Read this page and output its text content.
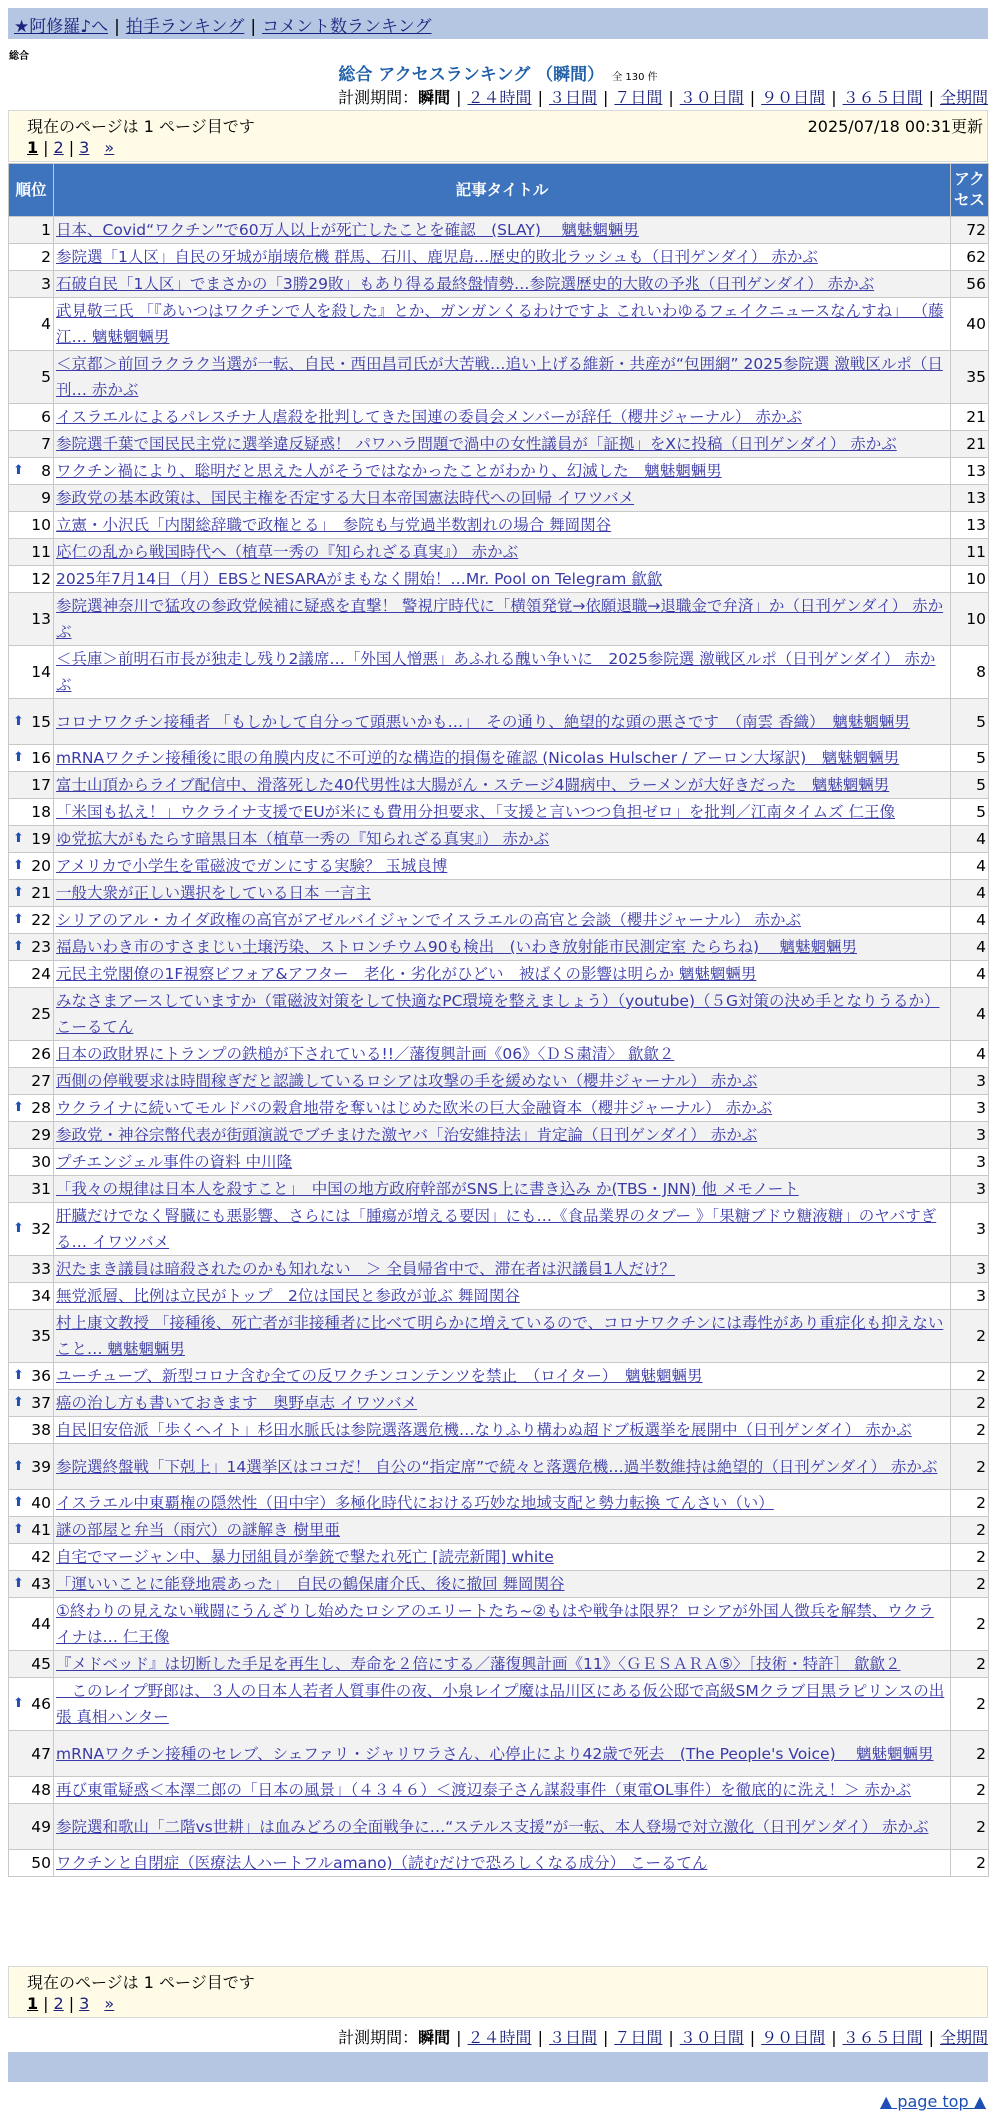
★阿修羅♪へ | 拍手ランキング | コメント数ランキング
総合
総合 アクセスランキング （瞬間） 全 130 件
計測期間：瞬間 | ２４時間 | ３日間 | ７日間 | ３０日間 | ９０日間 | ３６５日間 | 全期間
現在のページは 1 ページ目です	2025/07/18 00:31更新
1 | 2 | 3 »
順位	記事タイトル	アクセス
1	日本、Covid“ワクチン”で60万人以上が死亡したことを確認　(SLAY)　 魑魅魍魎男	72
2	参院選「1人区」自民の牙城が崩壊危機 群馬、石川、鹿児島…歴史的敗北ラッシュも（日刊ゲンダイ） 赤かぶ	62
3	石破自民「1人区」でまさかの「3勝29敗」もあり得る最終盤情勢…参院選歴史的大敗の予兆（日刊ゲンダイ） 赤かぶ	56
4	武見敬三氏 「『あいつはワクチンで人を殺した』とか、ガンガンくるわけですよ これいわゆるフェイクニュースなんすね」 （藤江… 魑魅魍魎男	40
5	＜京都＞前回ラクラク当選が一転、自民・西田昌司氏が大苦戦…追い上げる維新・共産が“包囲網” 2025参院選 激戦区ルポ（日刊… 赤かぶ	35
6	イスラエルによるパレスチナ人虐殺を批判してきた国連の委員会メンバーが辞任（櫻井ジャーナル） 赤かぶ	21
7	参院選千葉で国民民主党に選挙違反疑惑！ パワハラ問題で渦中の女性議員が「証拠」をXに投稿（日刊ゲンダイ） 赤かぶ	21

⬆ 8	ワクチン禍により、聡明だと思えた人がそうではなかったことがわかり、幻滅した　魑魅魍魎男	13
9	参政党の基本政策は、国民主権を否定する大日本帝国憲法時代への回帰 イワツバメ	13
10	立憲・小沢氏「内閣総辞職で政権とる」　参院も与党過半数割れの場合 舞岡関谷	13
11	応仁の乱から戦国時代へ（植草一秀の『知られざる真実』） 赤かぶ	11
12	2025年7月14日（月）EBSとNESARAがまもなく開始！…Mr. Pool on Telegram 歙歙	10
13	参院選神奈川で猛攻の参政党候補に疑惑を直撃！ 警視庁時代に「横領発覚→依願退職→退職金で弁済」か（日刊ゲンダイ） 赤かぶ	10
14	＜兵庫＞前明石市長が独走し残り2議席…「外国人憎悪」あふれる醜い争いに　2025参院選 激戦区ルポ（日刊ゲンダイ） 赤かぶ	8

⬆ 15	コロナワクチン接種者 「もしかして自分って頭悪いかも…」　その通り、絶望的な頭の悪さです　（南雲 香織）　魑魅魍魎男	5

⬆ 16	mRNAワクチン接種後に眼の角膜内皮に不可逆的な構造的損傷を確認 (Nicolas Hulscher / アーロン大塚訳)　魑魅魍魎男	5
17	富士山頂からライブ配信中、滑落死した40代男性は大腸がん・ステージ4闘病中、ラーメンが大好きだった　魑魅魍魎男	5
18	「米国も払え！」ウクライナ支援でEUが米にも費用分担要求、「支援と言いつつ負担ゼロ」を批判／江南タイムズ 仁王像	5

⬆ 19	ゆ党拡大がもたらす暗黒日本（植草一秀の『知られざる真実』） 赤かぶ	4

⬆ 20	アメリカで小学生を電磁波でガンにする実験？ 玉城良博	4

⬆ 21	一般大衆が正しい選択をしている日本 一言主	4

⬆ 22	シリアのアル・カイダ政権の高官がアゼルバイジャンでイスラエルの高官と会談（櫻井ジャーナル） 赤かぶ	4

⬆ 23	福島いわき市のすさまじい土壌汚染、ストロンチウム90も検出　(いわき放射能市民測定室 たらちね)　 魑魅魍魎男	4
24	元民主党閣僚の1F視察ビフォア&アフター　老化・劣化がひどい　被ばくの影響は明らか 魑魅魍魎男	4
25	みなさまアースしていますか（電磁波対策をして快適なPC環境を整えましょう）（youtube)（５G対策の決め手となりうるか） こーるてん	4
26	日本の政財界にトランプの鉄槌が下されている!!／藩復興計画《06》〈ＤＳ粛清〉 歙歙２	4
27	西側の停戦要求は時間稼ぎだと認識しているロシアは攻撃の手を緩めない（櫻井ジャーナル） 赤かぶ	3

⬆ 28	ウクライナに続いてモルドバの穀倉地帯を奪いはじめた欧米の巨大金融資本（櫻井ジャーナル） 赤かぶ	3
29	参政党・神谷宗幣代表が街頭演説でブチまけた激ヤバ「治安維持法」肯定論（日刊ゲンダイ） 赤かぶ	3
30	プチエンジェル事件の資料 中川隆	3
31	「我々の規律は日本人を殺すこと」　中国の地方政府幹部がSNS上に書き込み か(TBS・JNN) 他 メモノート	3

⬆ 32	肝臓だけでなく腎臓にも悪影響、さらには「腫瘍が増える要因」にも…《食品業界のタブー 》「果糖ブドウ糖液糖」のヤバすぎる… イワツバメ	3
33	沢たまき議員は暗殺されたのかも知れない　＞ 全員帰省中で、滞在者は沢議員1人だけ？	3
34	無党派層、比例は立民がトップ　2位は国民と参政が並ぶ 舞岡関谷	3
35	村上康文教授 「接種後、死亡者が非接種者に比べて明らかに増えているので、コロナワクチンには毒性があり重症化も抑えないこと… 魑魅魍魎男	2

⬆ 36	ユーチューブ、新型コロナ含む全ての反ワクチンコンテンツを禁止　（ロイター）　魑魅魍魎男	2

⬆ 37	癌の治し方も書いておきます　奥野卓志 イワツバメ	2
38	自民旧安倍派「歩くヘイト」杉田水脈氏は参院選落選危機…なりふり構わぬ超ドブ板選挙を展開中（日刊ゲンダイ） 赤かぶ	2

⬆ 39	参院選終盤戦「下剋上」14選挙区はココだ！ 自公の“指定席”で続々と落選危機…過半数維持は絶望的（日刊ゲンダイ） 赤かぶ	2

⬆ 40	イスラエル中東覇権の隠然性（田中宇）多極化時代における巧妙な地域支配と勢力転換 てんさい（い）	2

⬆ 41	謎の部屋と弁当（雨穴）の謎解き 樹里亜	2
42	自宅でマージャン中、暴力団組員が拳銃で撃たれ死亡 [読売新聞] white	2

⬆ 43	「運いいことに能登地震あった」　自民の鶴保庸介氏、後に撤回 舞岡関谷	2
44	①終わりの見えない戦闘にうんざりし始めたロシアのエリートたち~②もはや戦争は限界？ロシアが外国人徴兵を解禁、ウクライナは… 仁王像	2
45	『メドベッド』は切断した手足を再生し、寿命を２倍にする／藩復興計画《11》〈ＧＥＳＡＲＡ⑤〉［技術・特許］ 歙歙２	2

⬆ 46	　このレイプ野郎は、３人の日本人若者人質事件の夜、小泉レイプ魔は品川区にある仮公邸で高級SMクラブ目黒ラピリンスの出張 真相ハンター	2
47	mRNAワクチン接種のセレブ、シェファリ・ジャリワラさん、心停止により42歳で死去　(The People's Voice)　 魑魅魍魎男	2
48	再び東電疑惑＜本澤二郎の「日本の風景」（４３４６）＜渡辺泰子さん謀殺事件（東電OL事件）を徹底的に洗え！＞ 赤かぶ	2
49	参院選和歌山「二階vs世耕」は血みどろの全面戦争に…“ステルス支援”が一転、本人登場で対立激化（日刊ゲンダイ） 赤かぶ	2
50	ワクチンと自閉症（医療法人ハートフルamano)（読むだけで恐ろしくなる成分） こーるてん	2
現在のページは 1 ページ目です
1 | 2 | 3 »
計測期間：瞬間 | ２４時間 | ３日間 | ７日間 | ３０日間 | ９０日間 | ３６５日間 | 全期間
▲ page top ▲
